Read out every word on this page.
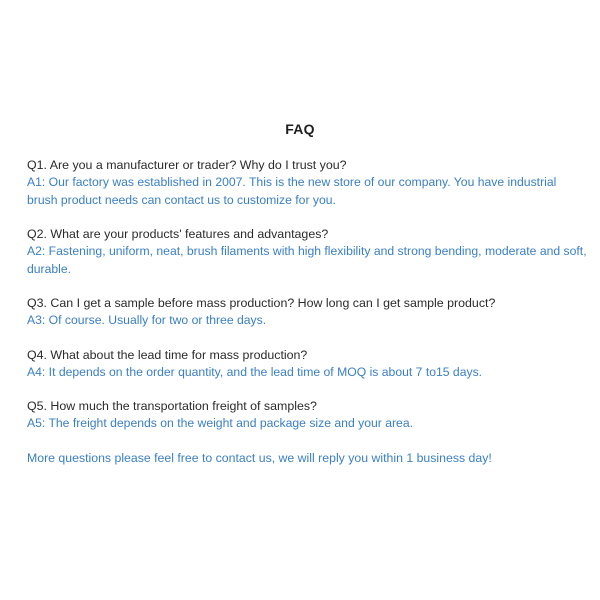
FAQ
Q1. Are you a manufacturer or trader? Why do I trust you?
A1: Our factory was established in 2007. This is the new store of our company. You have industrial brush product needs can contact us to customize for you.
Q2. What are your products' features and advantages?
A2: Fastening, uniform, neat, brush filaments with high flexibility and strong bending, moderate and soft, durable.
Q3. Can I get a sample before mass production? How long can I get sample product?
A3: Of course. Usually for two or three days.
Q4. What about the lead time for mass production?
A4: It depends on the order quantity, and the lead time of MOQ is about 7 to15 days.
Q5. How much the transportation freight of samples?
A5: The freight depends on the weight and package size and your area.
More questions please feel free to contact us, we will reply you within 1 business day!
